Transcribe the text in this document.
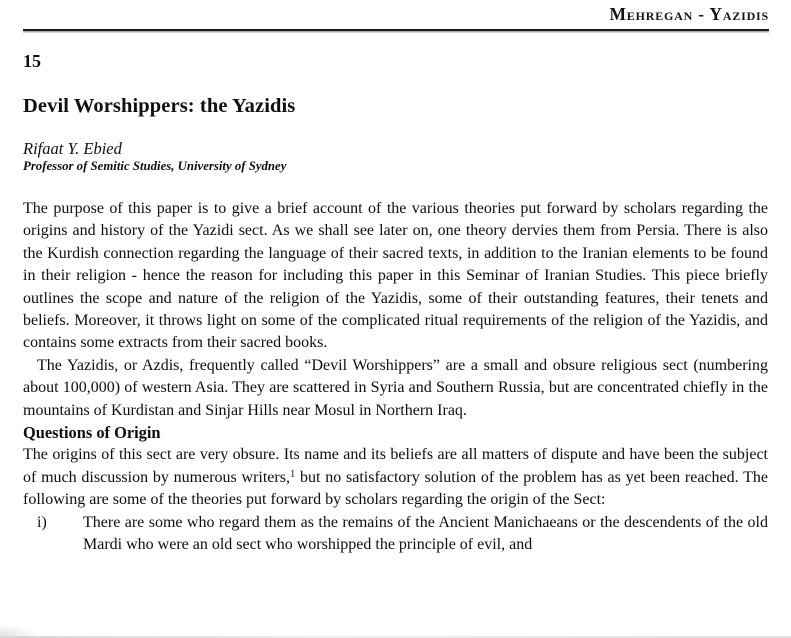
Mehregan - Yazidis
15
Devil Worshippers: the Yazidis
Rifaat Y. Ebied
Professor of Semitic Studies, University of Sydney

The purpose of this paper is to give a brief account of the various theories put forward by scholars regarding the origins and history of the Yazidi sect. As we shall see later on, one theory dervies them from Persia. There is also the Kurdish connection regarding the language of their sacred texts, in addition to the Iranian elements to be found in their religion - hence the reason for including this paper in this Seminar of Iranian Studies. This piece briefly outlines the scope and nature of the religion of the Yazidis, some of their outstanding features, their tenets and beliefs. Moreover, it throws light on some of the complicated ritual requirements of the religion of the Yazidis, and contains some extracts from their sacred books.

The Yazidis, or Azdis, frequently called “Devil Worshippers” are a small and obsure religious sect (numbering about 100,000) of western Asia. They are scattered in Syria and Southern Russia, but are concentrated chiefly in the mountains of Kurdistan and Sinjar Hills near Mosul in Northern Iraq.

Questions of Origin

The origins of this sect are very obsure. Its name and its beliefs are all matters of dispute and have been the subject of much discussion by numerous writers,$^1$ but no satisfactory solution of the problem has as yet been reached. The following are some of the theories put forward by scholars regarding the origin of the Sect:

i)	There are some who regard them as the remains of the Ancient Manichaeans or the descendents of the old Mardi who were an old sect who worshipped the principle of evil, and
